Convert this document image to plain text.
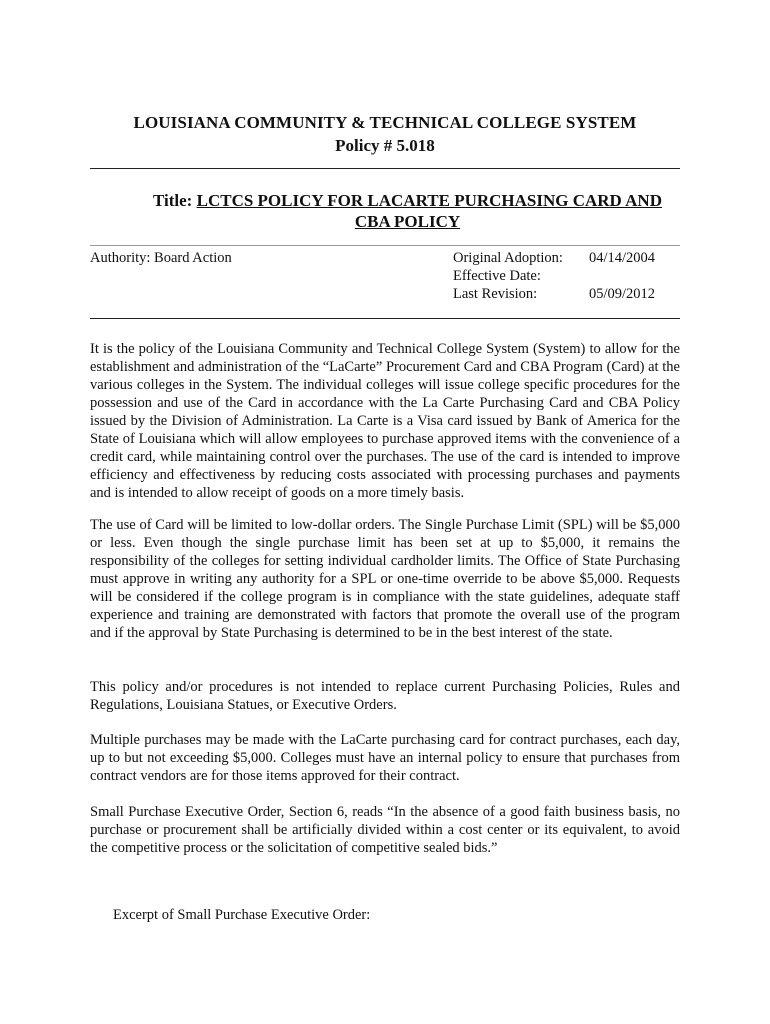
LOUISIANA COMMUNITY & TECHNICAL COLLEGE SYSTEM
Policy # 5.018
Title: LCTCS POLICY FOR LACARTE PURCHASING CARD AND CBA POLICY
Authority: Board Action	Original Adoption: 04/14/2004
Effective Date:
Last Revision:	05/09/2012

It is the policy of the Louisiana Community and Technical College System (System) to allow for the establishment and administration of the “LaCarte” Procurement Card and CBA Program (Card) at the various colleges in the System. The individual colleges will issue college specific procedures for the possession and use of the Card in accordance with the La Carte Purchasing Card and CBA Policy issued by the Division of Administration. La Carte is a Visa card issued by Bank of America for the State of Louisiana which will allow employees to purchase approved items with the convenience of a credit card, while maintaining control over the purchases. The use of the card is intended to improve efficiency and effectiveness by reducing costs associated with processing purchases and payments and is intended to allow receipt of goods on a more timely basis.

The use of Card will be limited to low-dollar orders. The Single Purchase Limit (SPL) will be $5,000 or less. Even though the single purchase limit has been set at up to $5,000, it remains the responsibility of the colleges for setting individual cardholder limits. The Office of State Purchasing must approve in writing any authority for a SPL or one-time override to be above $5,000. Requests will be considered if the college program is in compliance with the state guidelines, adequate staff experience and training are demonstrated with factors that promote the overall use of the program and if the approval by State Purchasing is determined to be in the best interest of the state.

This policy and/or procedures is not intended to replace current Purchasing Policies, Rules and Regulations, Louisiana Statues, or Executive Orders.

Multiple purchases may be made with the LaCarte purchasing card for contract purchases, each day, up to but not exceeding $5,000. Colleges must have an internal policy to ensure that purchases from contract vendors are for those items approved for their contract.

Small Purchase Executive Order, Section 6, reads “In the absence of a good faith business basis, no purchase or procurement shall be artificially divided within a cost center or its equivalent, to avoid the competitive process or the solicitation of competitive sealed bids.”

Excerpt of Small Purchase Executive Order:
